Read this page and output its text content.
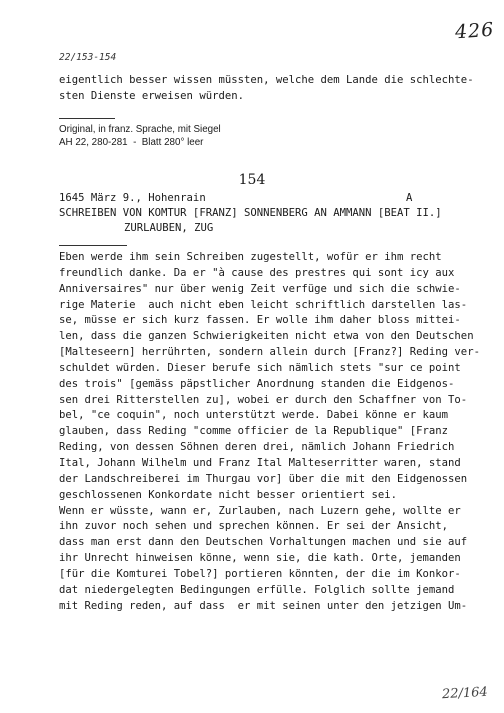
426
22/153-154
eigentlich besser wissen müssten, welche dem Lande die schlechte-
sten Dienste erweisen würden.
Original, in franz. Sprache, mit Siegel
AH 22, 280-281  -  Blatt 280° leer
154
1645 März 9., Hohenrain	A
SCHREIBEN VON KOMTUR [FRANZ] SONNENBERG AN AMMANN [BEAT II.]
ZURLAUBEN, ZUG
Eben werde ihm sein Schreiben zugestellt, wofür er ihm recht
freundlich danke. Da er "à cause des prestres qui sont icy aux
Anniversaires" nur über wenig Zeit verfüge und sich die schwie-
rige Materie  auch nicht eben leicht schriftlich darstellen las-
se, müsse er sich kurz fassen. Er wolle ihm daher bloss mittei-
len, dass die ganzen Schwierigkeiten nicht etwa von den Deutschen
[Malteseern] herrührten, sondern allein durch [Franz?] Reding ver-
schuldet würden. Dieser berufe sich nämlich stets "sur ce point
des trois" [gemäss päpstlicher Anordnung standen die Eidgenos-
sen drei Ritterstellen zu], wobei er durch den Schaffner von To-
bel, "ce coquin", noch unterstützt werde. Dabei könne er kaum
glauben, dass Reding "comme officier de la Republique" [Franz
Reding, von dessen Söhnen deren drei, nämlich Johann Friedrich
Ital, Johann Wilhelm und Franz Ital Malteserritter waren, stand
der Landschreiberei im Thurgau vor] über die mit den Eidgenossen
geschlossenen Konkordate nicht besser orientiert sei.
Wenn er wüsste, wann er, Zurlauben, nach Luzern gehe, wollte er
ihn zuvor noch sehen und sprechen können. Er sei der Ansicht,
dass man erst dann den Deutschen Vorhaltungen machen und sie auf
ihr Unrecht hinweisen könne, wenn sie, die kath. Orte, jemanden
[für die Komturei Tobel?] portieren könnten, der die im Konkor-
dat niedergelegten Bedingungen erfülle. Folglich sollte jemand
mit Reding reden, auf dass  er mit seinen unter den jetzigen Um-
22/164
